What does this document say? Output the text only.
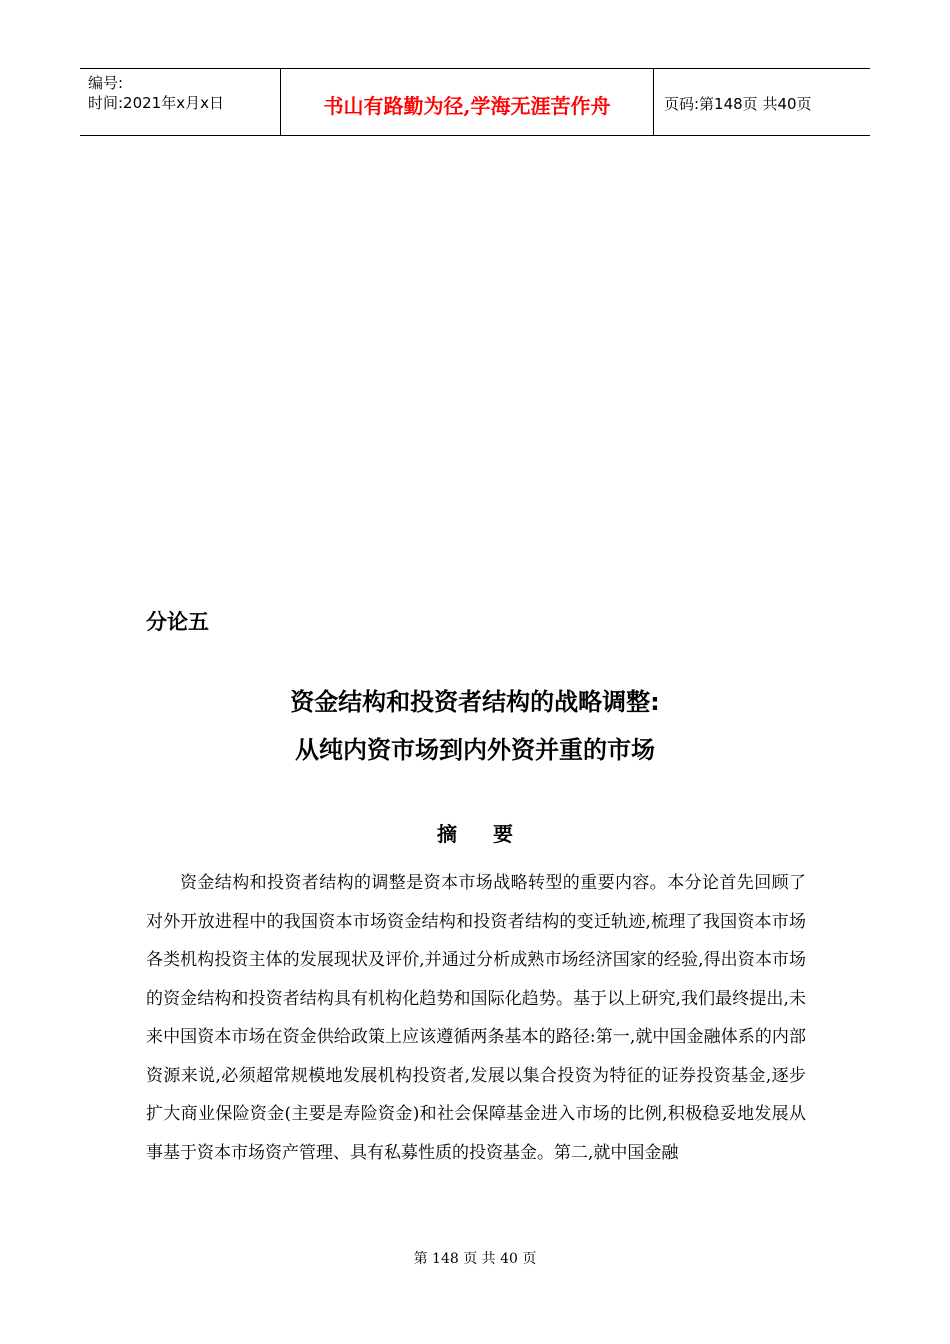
编号:
时间:2021年x月x日	书山有路勤为径,学海无涯苦作舟	页码:第148页 共40页
分论五
资金结构和投资者结构的战略调整:
从纯内资市场到内外资并重的市场
摘要
资金结构和投资者结构的调整是资本市场战略转型的重要内容。本分论首先回顾了对外开放进程中的我国资本市场资金结构和投资者结构的变迁轨迹,梳理了我国资本市场各类机构投资主体的发展现状及评价,并通过分析成熟市场经济国家的经验,得出资本市场的资金结构和投资者结构具有机构化趋势和国际化趋势。基于以上研究,我们最终提出,未来中国资本市场在资金供给政策上应该遵循两条基本的路径:第一,就中国金融体系的内部资源来说,必须超常规模地发展机构投资者,发展以集合投资为特征的证券投资基金,逐步扩大商业保险资金(主要是寿险资金)和社会保障基金进入市场的比例,积极稳妥地发展从事基于资本市场资产管理、具有私募性质的投资基金。第二,就中国金融
第 148 页 共 40 页
